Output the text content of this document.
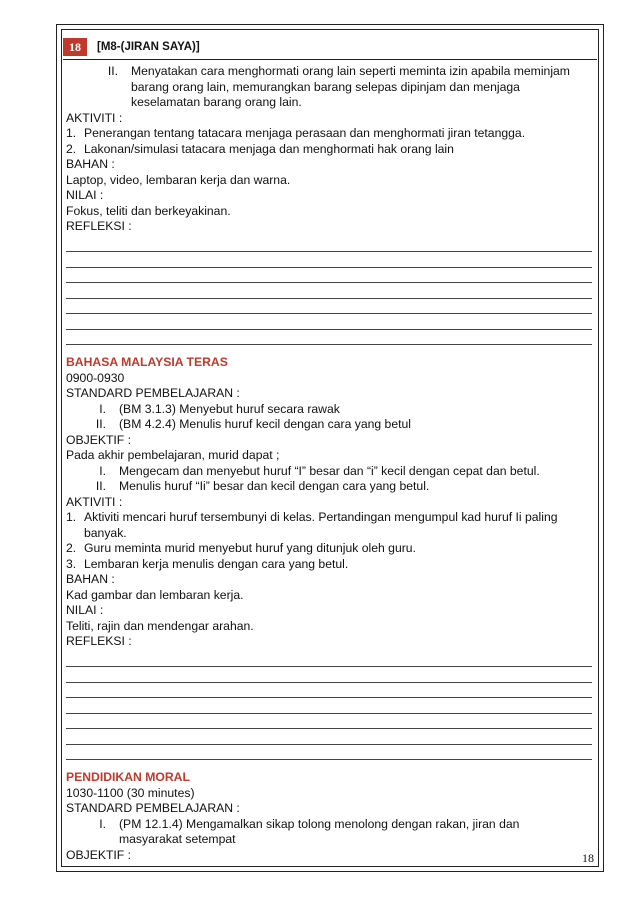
18	[M8-(JIRAN SAYA)]
II. Menyatakan cara menghormati orang lain seperti meminta izin apabila meminjam

barang orang lain, memurangkan barang selepas dipinjam dan menjaga

keselamatan barang orang lain.

AKTIVITI :

1. Penerangan tentang tatacara menjaga perasaan dan menghormati jiran tetangga.
2. Lakonan/simulasi tatacara menjaga dan menghormati hak orang lain

BAHAN :

Laptop, video, lembaran kerja dan warna.

NILAI :

Fokus, teliti dan berkeyakinan.

REFLEKSI :

BAHASA MALAYSIA TERAS

0900-0930

STANDARD PEMBELAJARAN :

I.	(BM 3.1.3) Menyebut huruf secara rawak
II.	(BM 4.2.4) Menulis huruf kecil dengan cara yang betul

OBJEKTIF :

Pada akhir pembelajaran, murid dapat ;

I.	Mengecam dan menyebut huruf “I” besar dan “i” kecil dengan cepat dan betul.
II.	Menulis huruf “Ii” besar dan kecil dengan cara yang betul.

AKTIVITI :

1. Aktiviti mencari huruf tersembunyi di kelas. Pertandingan mengumpul kad huruf Ii paling
banyak.
2. Guru meminta murid menyebut huruf yang ditunjuk oleh guru.
3. Lembaran kerja menulis dengan cara yang betul.

BAHAN :

Kad gambar dan lembaran kerja.

NILAI :

Teliti, rajin dan mendengar arahan.

REFLEKSI :

PENDIDIKAN MORAL

1030-1100 (30 minutes)

STANDARD PEMBELAJARAN :

I. (PM 12.1.4) Mengamalkan sikap tolong menolong dengan rakan, jiran dan

masyarakat setempat

OBJEKTIF :	18
